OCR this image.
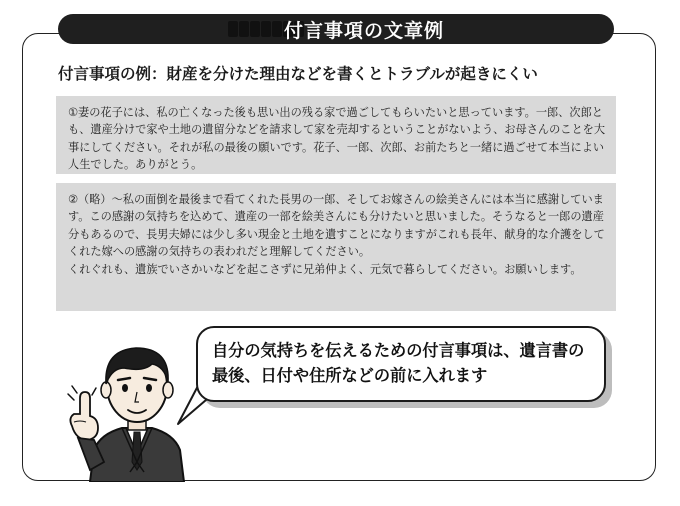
付言事項の文章例
付言事項の例：財産を分けた理由などを書くとトラブルが起きにくい
①妻の花子には、私の亡くなった後も思い出の残る家で過ごしてもらいたいと思っています。一郎、次郎とも、遺産分けで家や土地の遺留分などを請求して家を売却するということがないよう、お母さんのことを大事にしてください。それが私の最後の願いです。花子、一郎、次郎、お前たちと一緒に過ごせて本当によい人生でした。ありがとう。
②（略）～私の面倒を最後まで看てくれた長男の一郎、そしてお嫁さんの絵美さんには本当に感謝しています。この感謝の気持ちを込めて、遺産の一部を絵美さんにも分けたいと思いました。そうなると一郎の遺産分もあるので、長男夫婦には少し多い現金と土地を遺すことになりますがこれも長年、献身的な介護をしてくれた嫁への感謝の気持ちの表われだと理解してください。
くれぐれも、遺族でいさかいなどを起こさずに兄弟仲よく、元気で暮らしてください。お願いします。
自分の気持ちを伝えるための付言事項は、遺言書の最後、日付や住所などの前に入れます
